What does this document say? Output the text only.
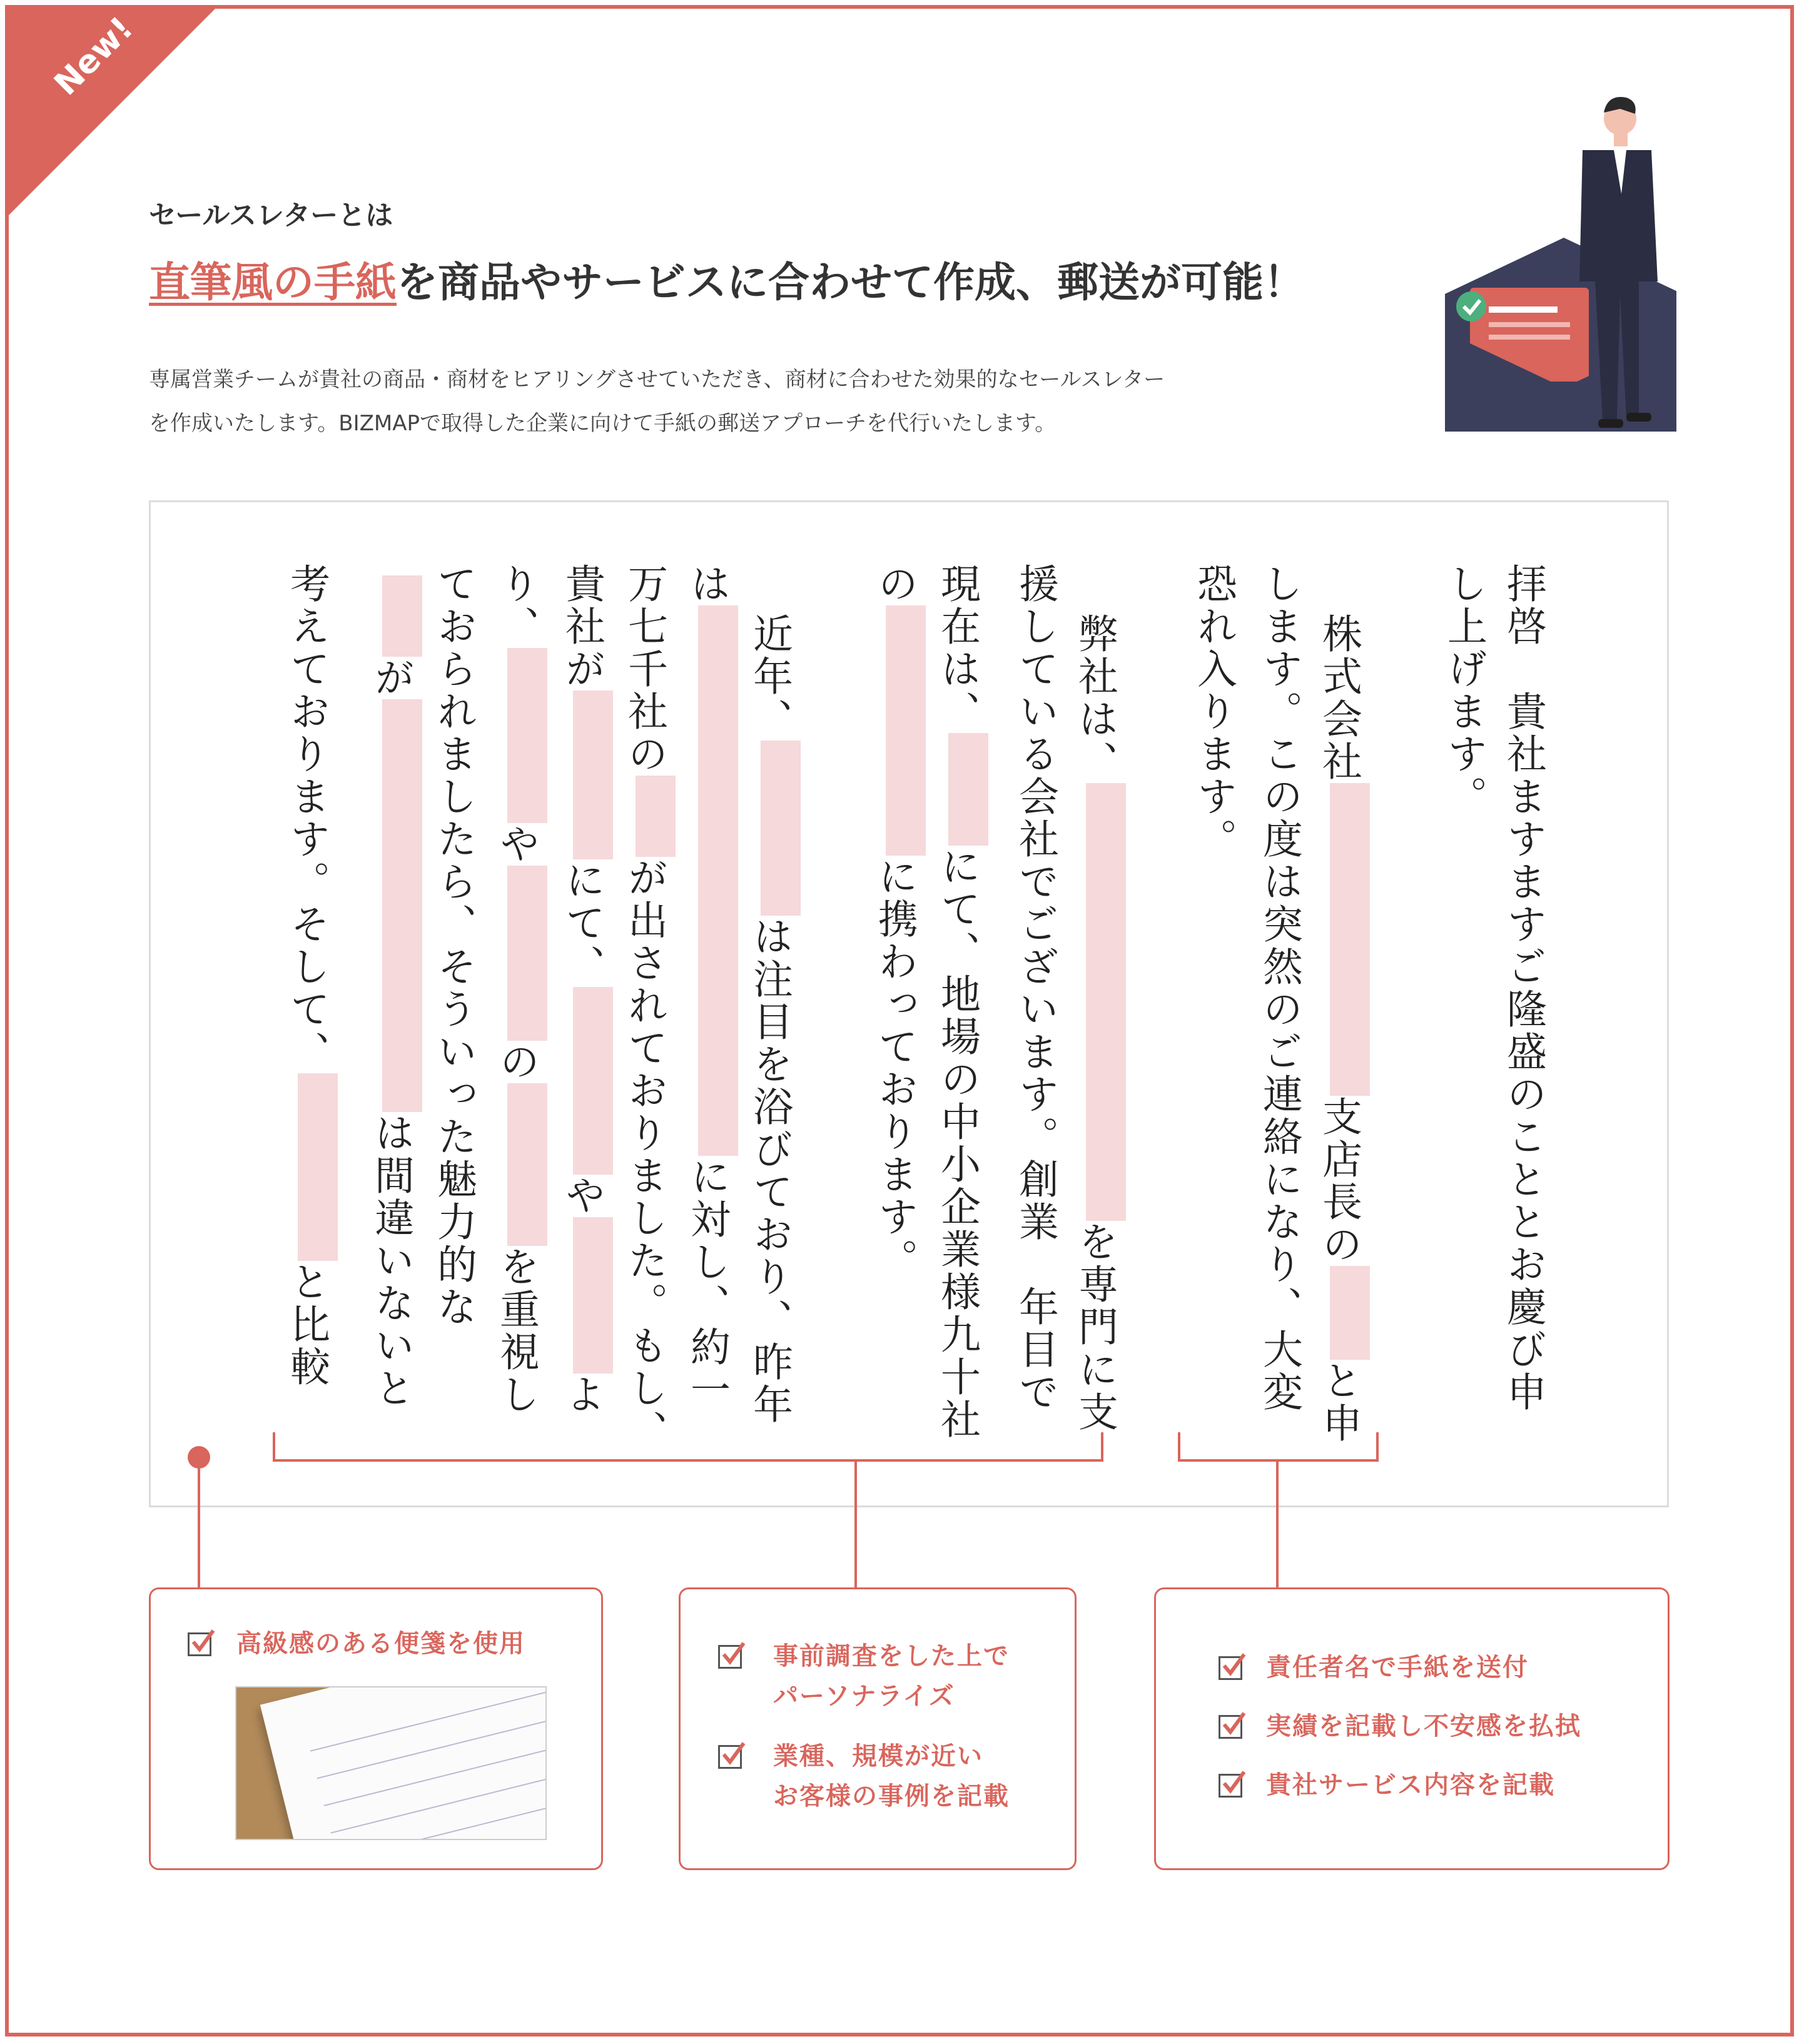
New!
セールスレターとは
直筆風の手紙を商品やサービスに合わせて作成、郵送が可能！
専属営業チームが貴社の商品・商材をヒアリングさせていただき、商材に合わせた効果的なセールスレター
を作成いたします。BIZMAPで取得した企業に向けて手紙の郵送アプローチを代行いたします。
拝啓　貴社ますますご隆盛のこととお慶び申
し上げます。
株式会社支店長のと申
します。この度は突然のご連絡になり、大変
恐れ入ります。
弊社は、を専門に支
援している会社でございます。創業　年目で
現在は、にて、地場の中小企業様九十社
のに携わっております。
近年、は注目を浴びており、昨年
はに対し、約一
万七千社のが出されておりました。もし、
貴社がにて、やよ
り、やのを重視し
ておられましたら、そういった魅力的な
がは間違いないと
考えております。そして、と比較
高級感のある便箋を使用	事前調査をした上で
パーソナライズ
業種、規模が近い
お客様の事例を記載
責任者名で手紙を送付
実績を記載し不安感を払拭
貴社サービス内容を記載
